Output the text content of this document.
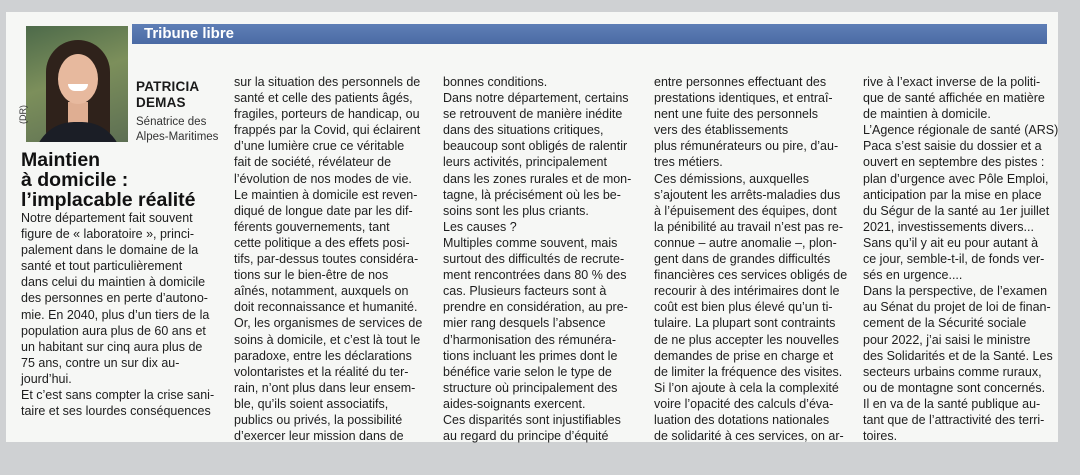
Tribune libre
(DR)
PATRICIA
DEMAS
Sénatrice des
Alpes-Maritimes
Maintien
à domicile :
l’implacable réalité
Notre département fait souvent
figure de « laboratoire », princi-
palement dans le domaine de la
santé et tout particulièrement
dans celui du maintien à domicile
des personnes en perte d’autono-
mie. En 2040, plus d’un tiers de la
population aura plus de 60 ans et
un habitant sur cinq aura plus de
75 ans, contre un sur dix au-
jourd’hui.
Et c’est sans compter la crise sani-
taire et ses lourdes conséquences
sur la situation des personnels de
santé et celle des patients âgés,
fragiles, porteurs de handicap, ou
frappés par la Covid, qui éclairent
d’une lumière crue ce véritable
fait de société, révélateur de
l’évolution de nos modes de vie.
Le maintien à domicile est reven-
diqué de longue date par les dif-
férents gouvernements, tant
cette politique a des effets posi-
tifs, par-dessus toutes considéra-
tions sur le bien-être de nos
aînés, notamment, auxquels on
doit reconnaissance et humanité.
Or, les organismes de services de
soins à domicile, et c’est là tout le
paradoxe, entre les déclarations
volontaristes et la réalité du ter-
rain, n’ont plus dans leur ensem-
ble, qu’ils soient associatifs,
publics ou privés, la possibilité
d’exercer leur mission dans de
bonnes conditions.
Dans notre département, certains
se retrouvent de manière inédite
dans des situations critiques,
beaucoup sont obligés de ralentir
leurs activités, principalement
dans les zones rurales et de mon-
tagne, là précisément où les be-
soins sont les plus criants.
Les causes ?
Multiples comme souvent, mais
surtout des difficultés de recrute-
ment rencontrées dans 80 % des
cas. Plusieurs facteurs sont à
prendre en considération, au pre-
mier rang desquels l’absence
d’harmonisation des rémunéra-
tions incluant les primes dont le
bénéfice varie selon le type de
structure où principalement des
aides-soignants exercent.
Ces disparités sont injustifiables
au regard du principe d’équité
entre personnes effectuant des
prestations identiques, et entraî-
nent une fuite des personnels
vers des établissements
plus rémunérateurs ou pire, d’au-
tres métiers.
Ces démissions, auxquelles
s’ajoutent les arrêts-maladies dus
à l’épuisement des équipes, dont
la pénibilité au travail n’est pas re-
connue – autre anomalie –, plon-
gent dans de grandes difficultés
financières ces services obligés de
recourir à des intérimaires dont le
coût est bien plus élevé qu’un ti-
tulaire. La plupart sont contraints
de ne plus accepter les nouvelles
demandes de prise en charge et
de limiter la fréquence des visites.
Si l’on ajoute à cela la complexité
voire l’opacité des calculs d’éva-
luation des dotations nationales
de solidarité à ces services, on ar-
rive à l’exact inverse de la politi-
que de santé affichée en matière
de maintien à domicile.
L’Agence régionale de santé (ARS)
Paca s’est saisie du dossier et a
ouvert en septembre des pistes :
plan d’urgence avec Pôle Emploi,
anticipation par la mise en place
du Ségur de la santé au 1er juillet
2021, investissements divers...
Sans qu’il y ait eu pour autant à
ce jour, semble-t-il, de fonds ver-
sés en urgence....
Dans la perspective, de l’examen
au Sénat du projet de loi de finan-
cement de la Sécurité sociale
pour 2022, j’ai saisi le ministre
des Solidarités et de la Santé. Les
secteurs urbains comme ruraux,
ou de montagne sont concernés.
Il en va de la santé publique au-
tant que de l’attractivité des terri-
toires.
